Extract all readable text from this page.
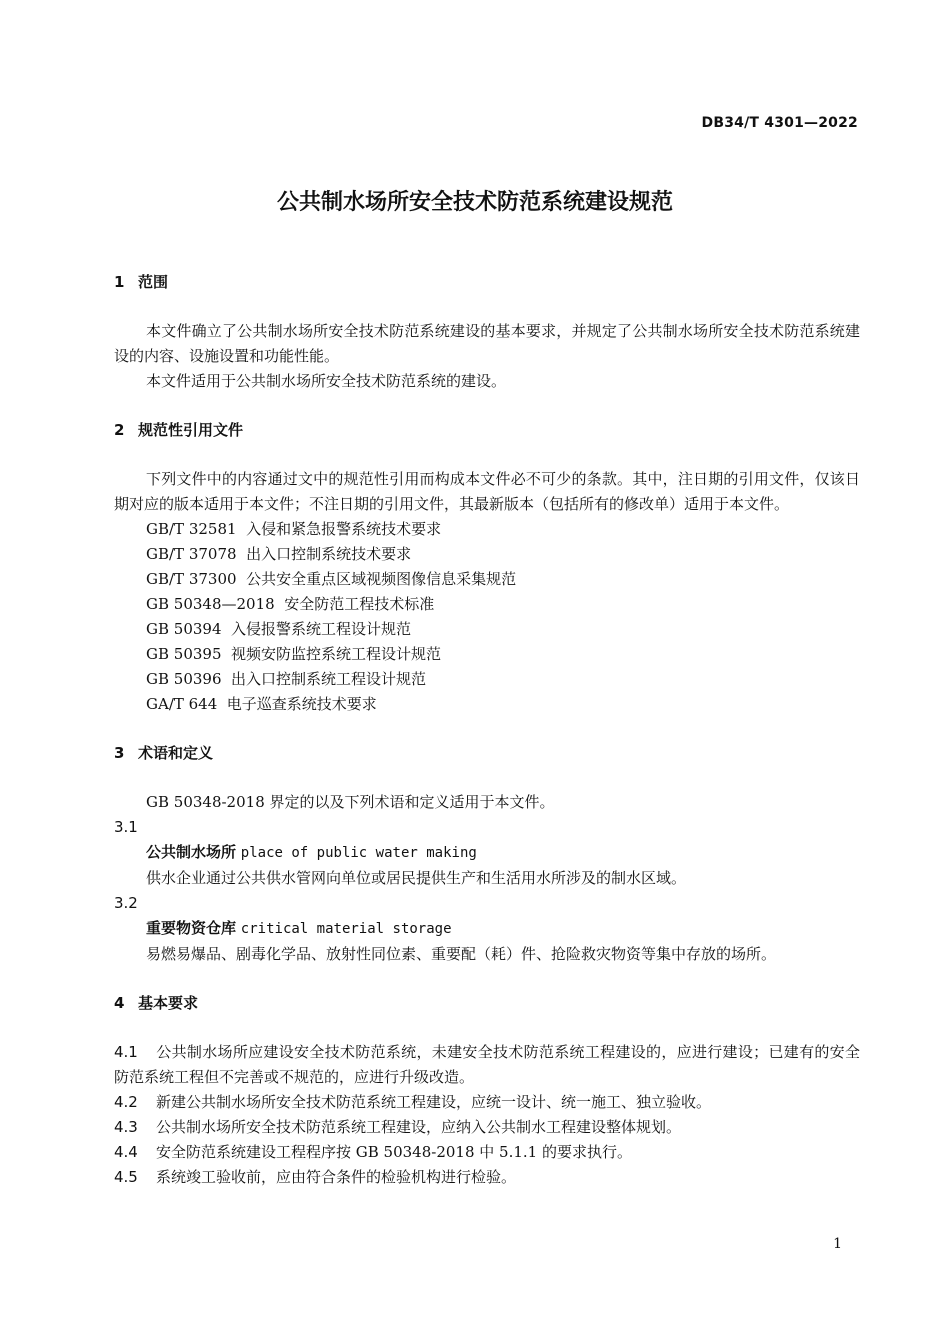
DB34/T 4301—2022
公共制水场所安全技术防范系统建设规范
1 范围

本文件确立了公共制水场所安全技术防范系统建设的基本要求，并规定了公共制水场所安全技术防范系统建设的内容、设施设置和功能性能。

本文件适用于公共制水场所安全技术防范系统的建设。

2 规范性引用文件

下列文件中的内容通过文中的规范性引用而构成本文件必不可少的条款。其中，注日期的引用文件，仅该日期对应的版本适用于本文件；不注日期的引用文件，其最新版本（包括所有的修改单）适用于本文件。

GB/T 32581  入侵和紧急报警系统技术要求
GB/T 37078  出入口控制系统技术要求
GB/T 37300  公共安全重点区域视频图像信息采集规范
GB 50348—2018  安全防范工程技术标准
GB 50394  入侵报警系统工程设计规范
GB 50395  视频安防监控系统工程设计规范
GB 50396  出入口控制系统工程设计规范
GA/T 644  电子巡查系统技术要求
3 术语和定义

GB 50348-2018 界定的以及下列术语和定义适用于本文件。

3.1
公共制水场所 place of public water making
供水企业通过公共供水管网向单位或居民提供生产和生活用水所涉及的制水区域。
3.2
重要物资仓库 critical material storage
易燃易爆品、剧毒化学品、放射性同位素、重要配（耗）件、抢险救灾物资等集中存放的场所。
4 基本要求

4.1 公共制水场所应建设安全技术防范系统，未建安全技术防范系统工程建设的，应进行建设；已建有的安全防范系统工程但不完善或不规范的，应进行升级改造。

4.2 新建公共制水场所安全技术防范系统工程建设，应统一设计、统一施工、独立验收。

4.3 公共制水场所安全技术防范系统工程建设，应纳入公共制水工程建设整体规划。

4.4 安全防范系统建设工程程序按 GB 50348-2018 中 5.1.1 的要求执行。

4.5 系统竣工验收前，应由符合条件的检验机构进行检验。

1
